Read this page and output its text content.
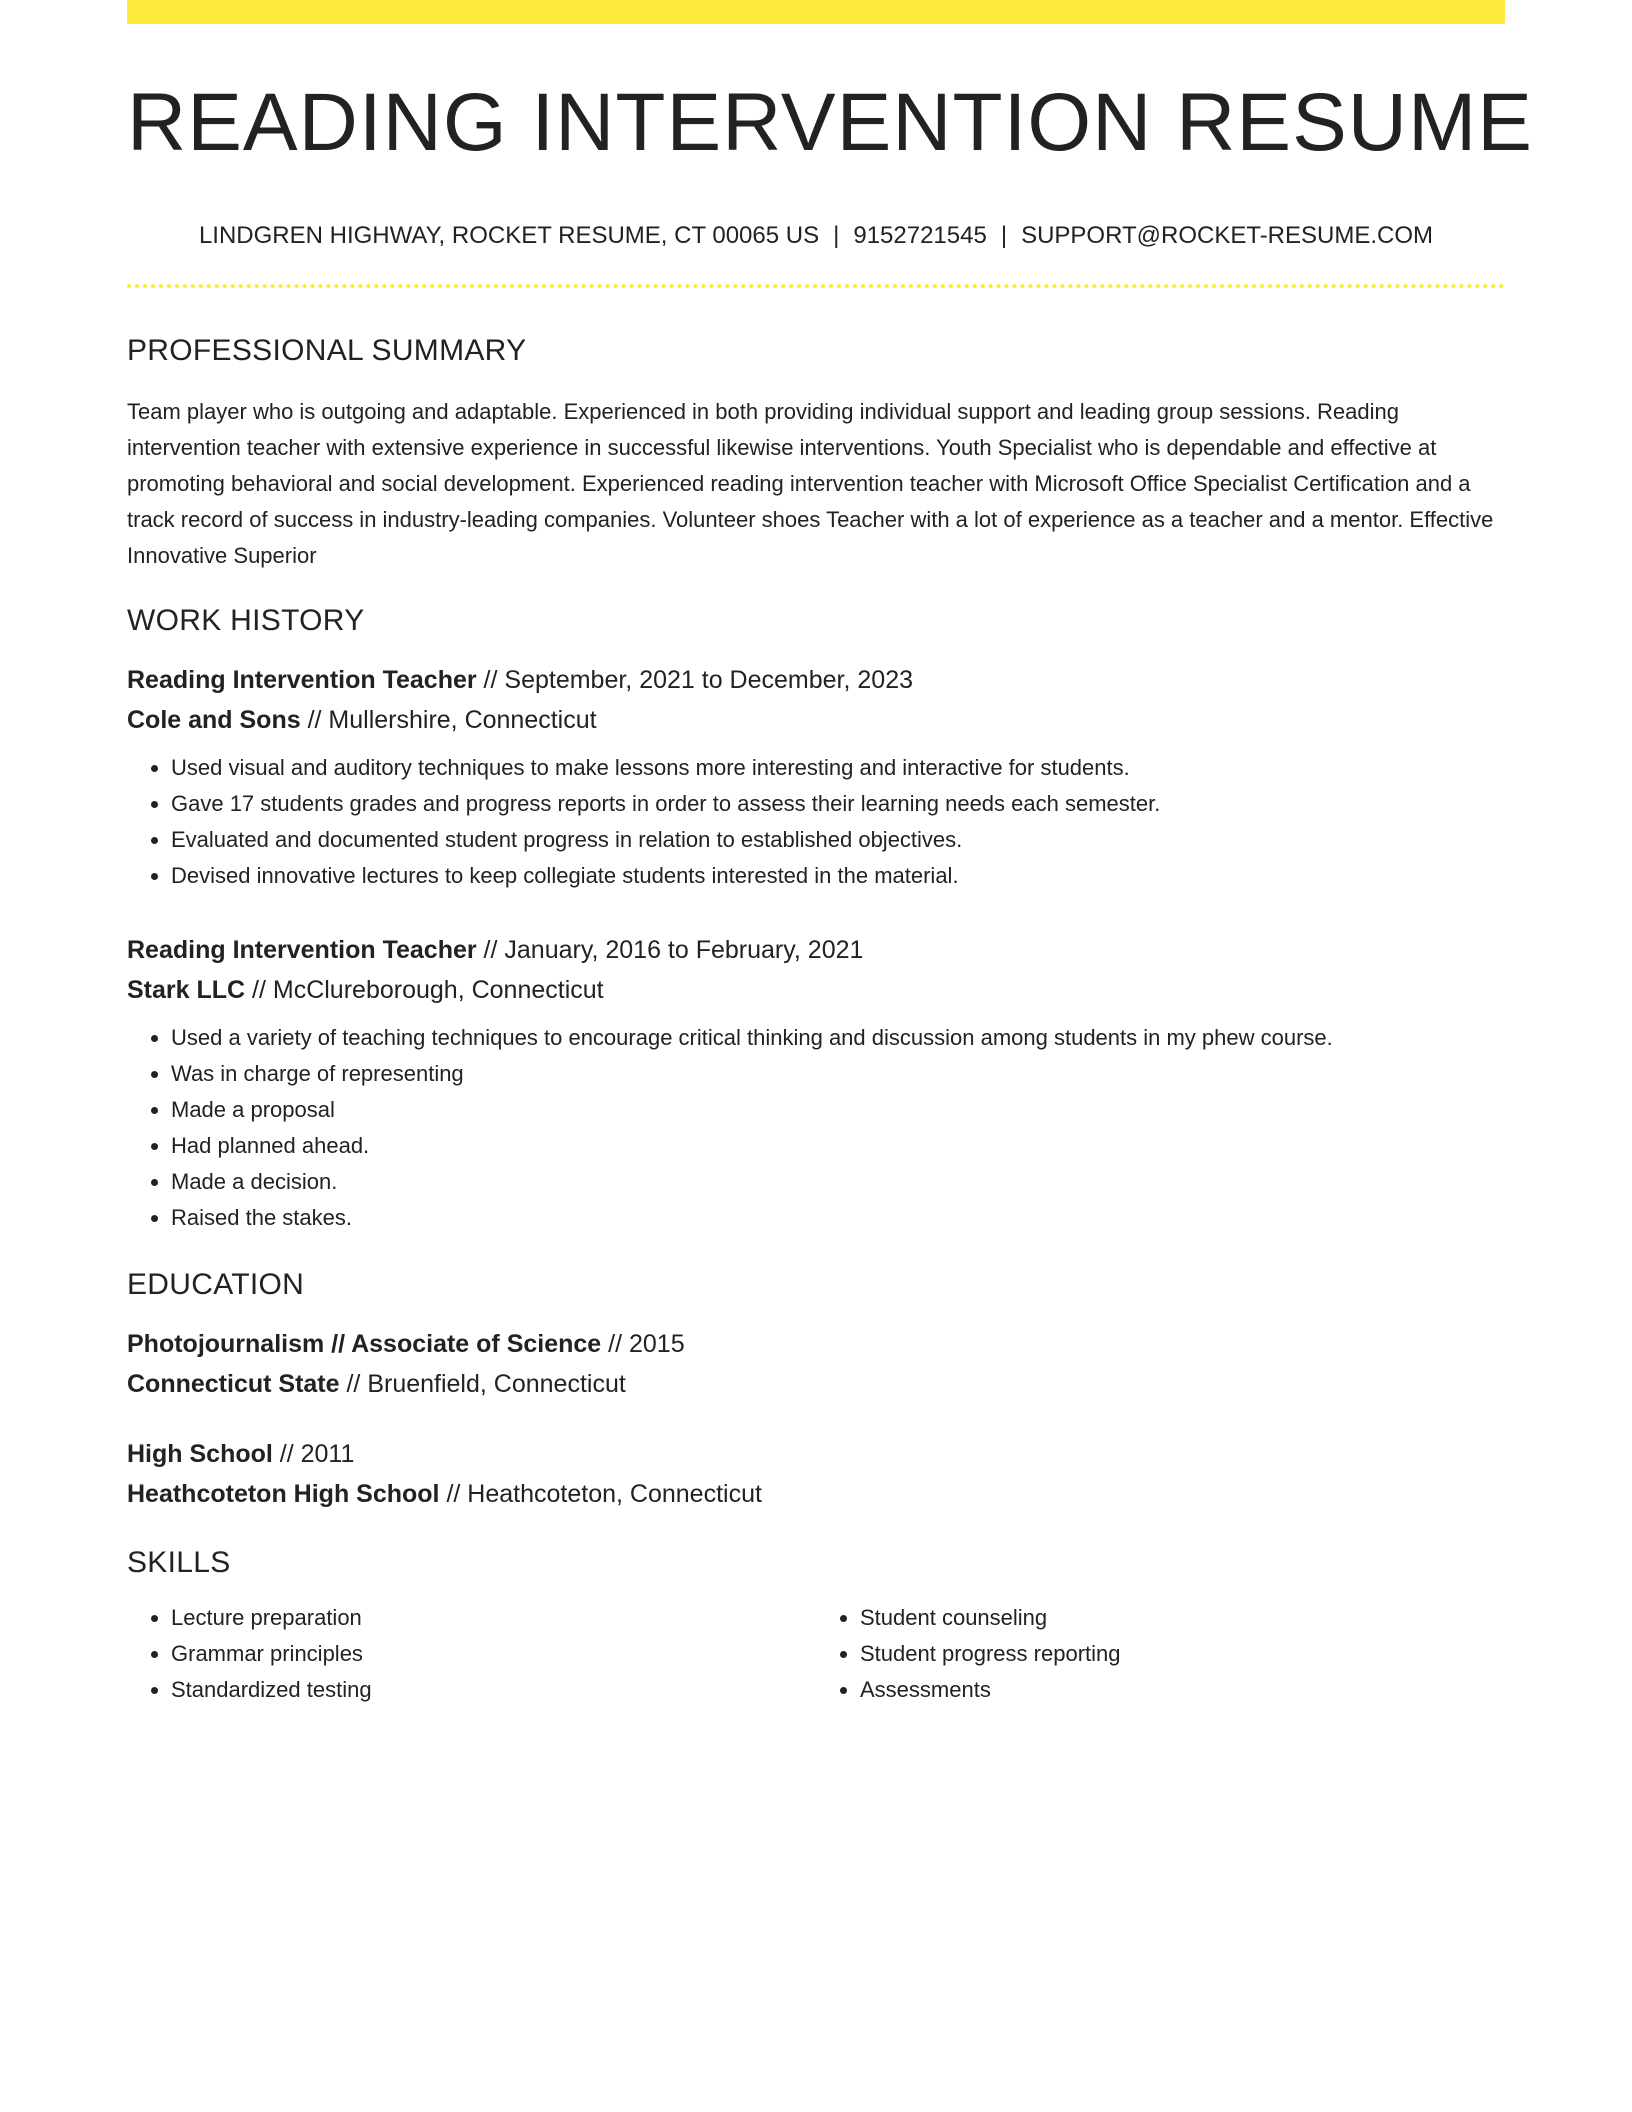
READING INTERVENTION RESUME
LINDGREN HIGHWAY, ROCKET RESUME, CT 00065 US | 9152721545 | SUPPORT@ROCKET-RESUME.COM
PROFESSIONAL SUMMARY

Team player who is outgoing and adaptable. Experienced in both providing individual support and leading group sessions. Reading intervention teacher with extensive experience in successful likewise interventions. Youth Specialist who is dependable and effective at promoting behavioral and social development. Experienced reading intervention teacher with Microsoft Office Specialist Certification and a track record of success in industry-leading companies. Volunteer shoes Teacher with a lot of experience as a teacher and a mentor. Effective Innovative Superior

WORK HISTORY
Reading Intervention Teacher // September, 2021 to December, 2023
Cole and Sons // Mullershire, Connecticut
• Used visual and auditory techniques to make lessons more interesting and interactive for students.
• Gave 17 students grades and progress reports in order to assess their learning needs each semester.
• Evaluated and documented student progress in relation to established objectives.
• Devised innovative lectures to keep collegiate students interested in the material.
Reading Intervention Teacher // January, 2016 to February, 2021
Stark LLC // McClureborough, Connecticut
• Used a variety of teaching techniques to encourage critical thinking and discussion among students in my phew course.
• Was in charge of representing
• Made a proposal
• Had planned ahead.
• Made a decision.
• Raised the stakes.
EDUCATION
Photojournalism // Associate of Science // 2015
Connecticut State // Bruenfield, Connecticut
High School // 2011
Heathcoteton High School // Heathcoteton, Connecticut
SKILLS
• Lecture preparation
• Grammar principles
• Standardized testing
• Student counseling
• Student progress reporting
• Assessments
